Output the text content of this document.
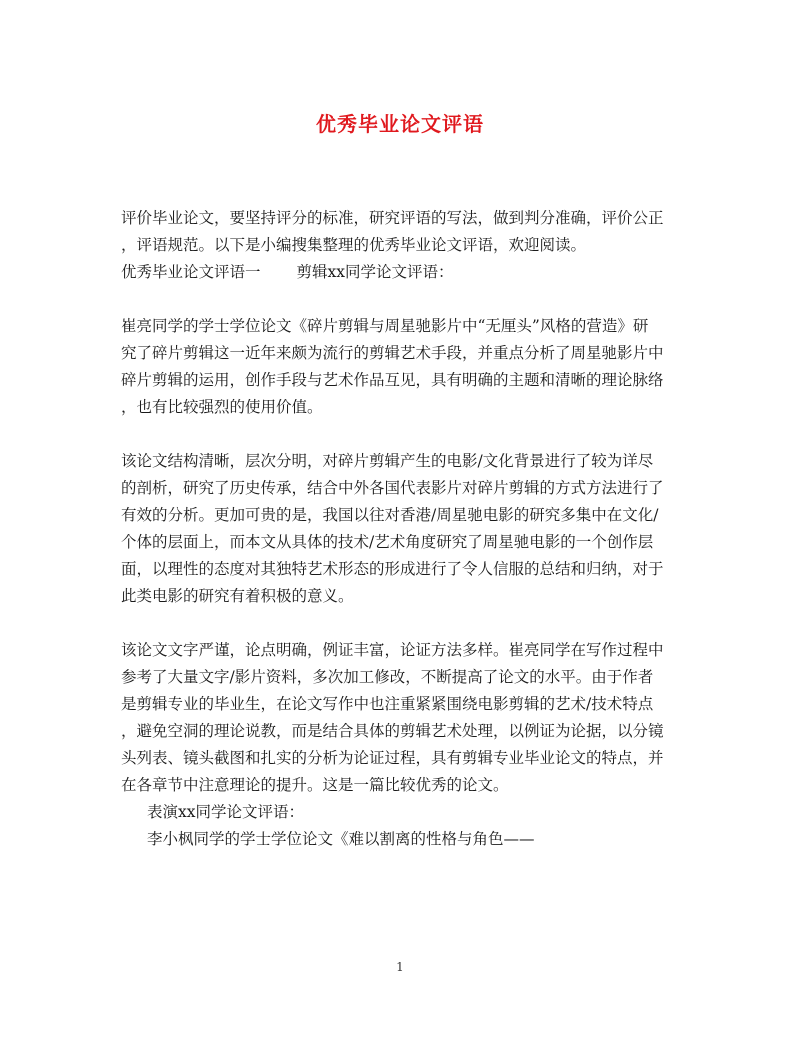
优秀毕业论文评语
评价毕业论文，要坚持评分的标准，研究评语的写法，做到判分准确，评价公正
，评语规范。以下是小编搜集整理的优秀毕业论文评语，欢迎阅读。
优秀毕业论文评语一 剪辑xx同学论文评语：
崔亮同学的学士学位论文《碎片剪辑与周星驰影片中“无厘头”风格的营造》研
究了碎片剪辑这一近年来颇为流行的剪辑艺术手段，并重点分析了周星驰影片中
碎片剪辑的运用，创作手段与艺术作品互见，具有明确的主题和清晰的理论脉络
，也有比较强烈的使用价值。
该论文结构清晰，层次分明，对碎片剪辑产生的电影/文化背景进行了较为详尽
的剖析，研究了历史传承，结合中外各国代表影片对碎片剪辑的方式方法进行了
有效的分析。更加可贵的是，我国以往对香港/周星驰电影的研究多集中在文化/
个体的层面上，而本文从具体的技术/艺术角度研究了周星驰电影的一个创作层
面，以理性的态度对其独特艺术形态的形成进行了令人信服的总结和归纳，对于
此类电影的研究有着积极的意义。
该论文文字严谨，论点明确，例证丰富，论证方法多样。崔亮同学在写作过程中
参考了大量文字/影片资料，多次加工修改，不断提高了论文的水平。由于作者
是剪辑专业的毕业生，在论文写作中也注重紧紧围绕电影剪辑的艺术/技术特点
，避免空洞的理论说教，而是结合具体的剪辑艺术处理，以例证为论据，以分镜
头列表、镜头截图和扎实的分析为论证过程，具有剪辑专业毕业论文的特点，并
在各章节中注意理论的提升。这是一篇比较优秀的论文。
表演xx同学论文评语：
李小枫同学的学士学位论文《难以割离的性格与角色——
1
